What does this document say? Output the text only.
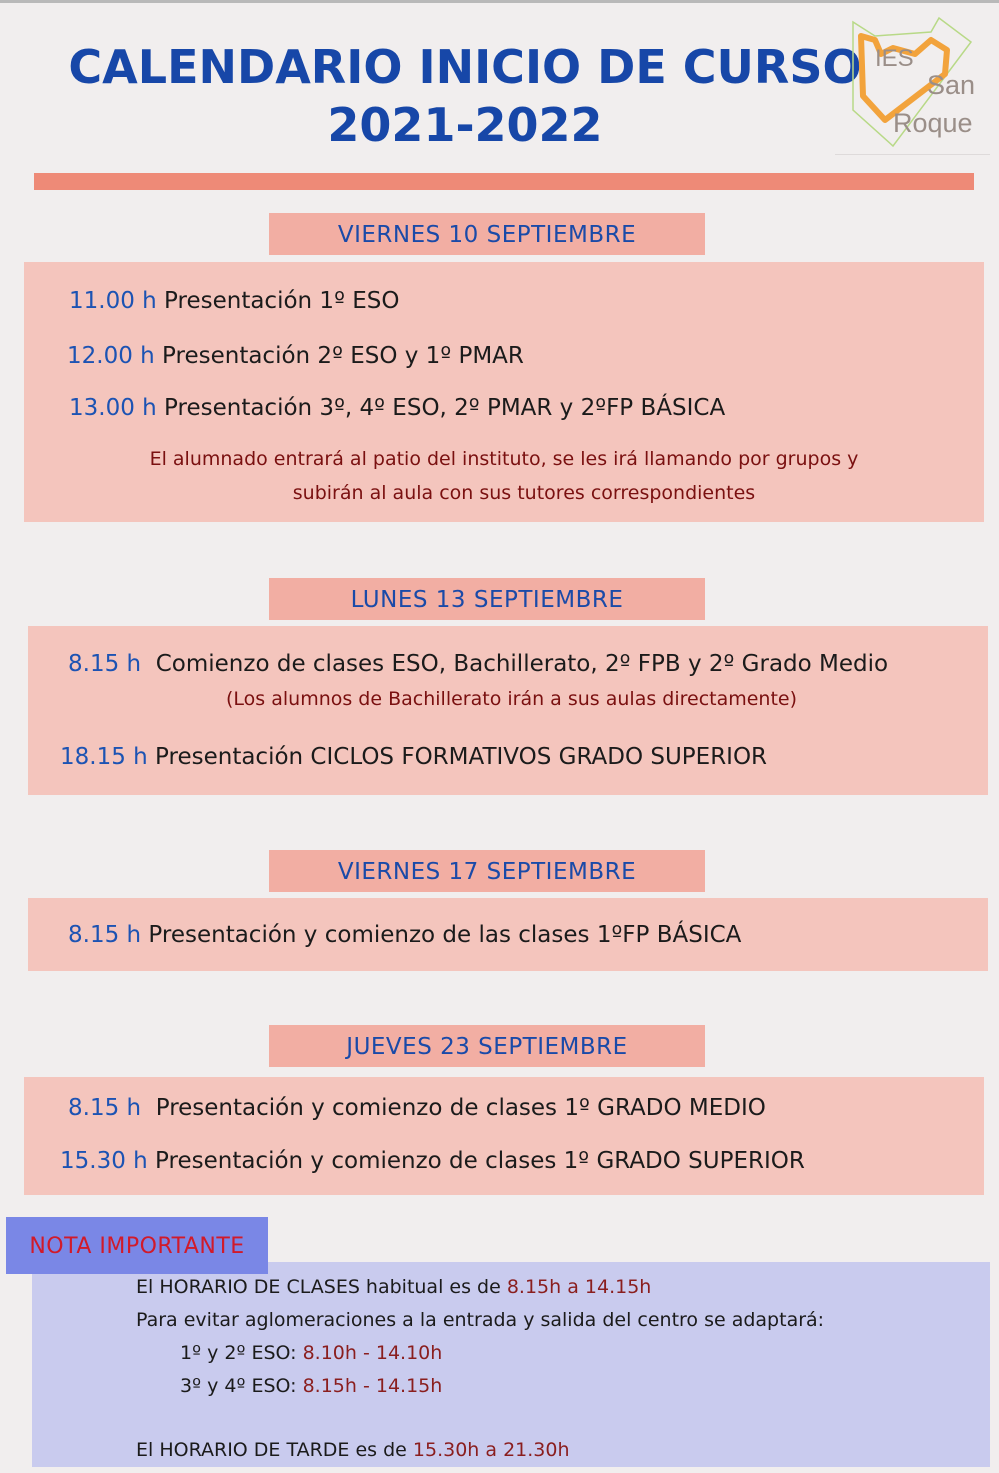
CALENDARIO INICIO DE CURSO
2021-2022
IES
San
Roque
VIERNES 10 SEPTIEMBRE
11.00 h Presentación 1º ESO
12.00 h Presentación 2º ESO y 1º PMAR
13.00 h Presentación 3º, 4º ESO, 2º PMAR y 2ºFP BÁSICA
El alumnado entrará al patio del instituto, se les irá llamando por grupos y
subirán al aula con sus tutores correspondientes
LUNES 13 SEPTIEMBRE
8.15 h Comienzo de clases ESO, Bachillerato, 2º FPB y 2º Grado Medio
(Los alumnos de Bachillerato irán a sus aulas directamente)
18.15 h Presentación CICLOS FORMATIVOS GRADO SUPERIOR
VIERNES 17 SEPTIEMBRE
8.15 h Presentación y comienzo de las clases 1ºFP BÁSICA
JUEVES 23 SEPTIEMBRE
8.15 h Presentación y comienzo de clases 1º GRADO MEDIO
15.30 h Presentación y comienzo de clases 1º GRADO SUPERIOR
El HORARIO DE CLASES habitual es de 8.15h a 14.15h
Para evitar aglomeraciones a la entrada y salida del centro se adaptará:
1º y 2º ESO: 8.10h - 14.10h
3º y 4º ESO: 8.15h - 14.15h
El HORARIO DE TARDE es de 15.30h a 21.30h
NOTA IMPORTANTE
